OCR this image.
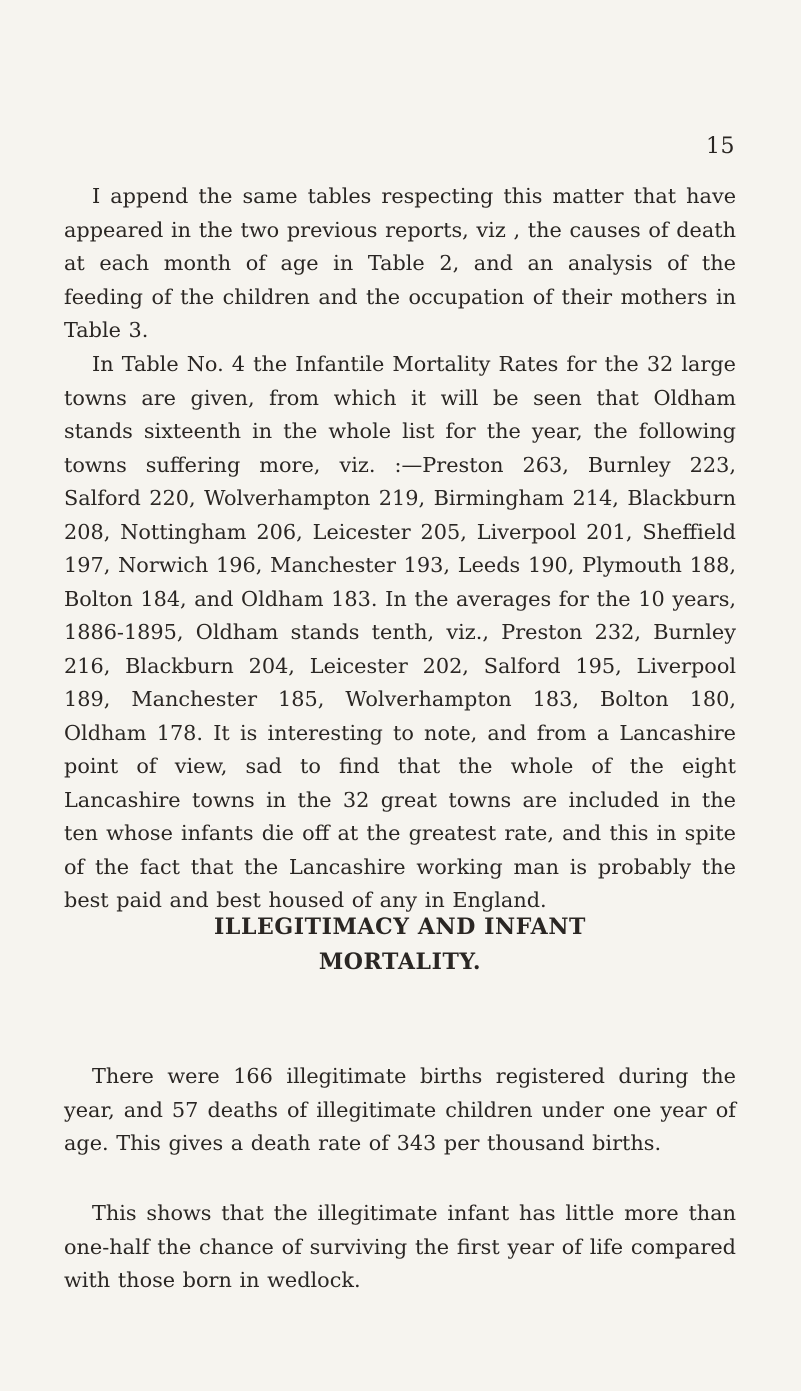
15

I append the same tables respecting this matter that have appeared in the two previous reports, viz , the causes of death at each month of age in Table 2, and an analysis of the feeding of the children and the occupation of their mothers in Table 3.

In Table No. 4 the Infantile Mortality Rates for the 32 large towns are given, from which it will be seen that Oldham stands sixteenth in the whole list for the year, the following towns suffering more, viz. :—Preston 263, Burnley 223, Salford 220, Wolverhampton 219, Birmingham 214, Blackburn 208, Nottingham 206, Leicester 205, Liverpool 201, Sheffield 197, Norwich 196, Manchester 193, Leeds 190, Plymouth 188, Bolton 184, and Oldham 183. In the averages for the 10 years, 1886-1895, Oldham stands tenth, viz., Preston 232, Burnley 216, Blackburn 204, Leicester 202, Salford 195, Liverpool 189, Manchester 185, Wolverhampton 183, Bolton 180, Oldham 178. It is interesting to note, and from a Lancashire point of view, sad to find that the whole of the eight Lancashire towns in the 32 great towns are included in the ten whose infants die off at the greatest rate, and this in spite of the fact that the Lancashire working man is probably the best paid and best housed of any in England.

ILLEGITIMACY AND INFANT
MORTALITY.

There were 166 illegitimate births registered during the year, and 57 deaths of illegitimate children under one year of age. This gives a death rate of 343 per thousand births.

This shows that the illegitimate infant has little more than one-half the chance of surviving the first year of life compared with those born in wedlock.
